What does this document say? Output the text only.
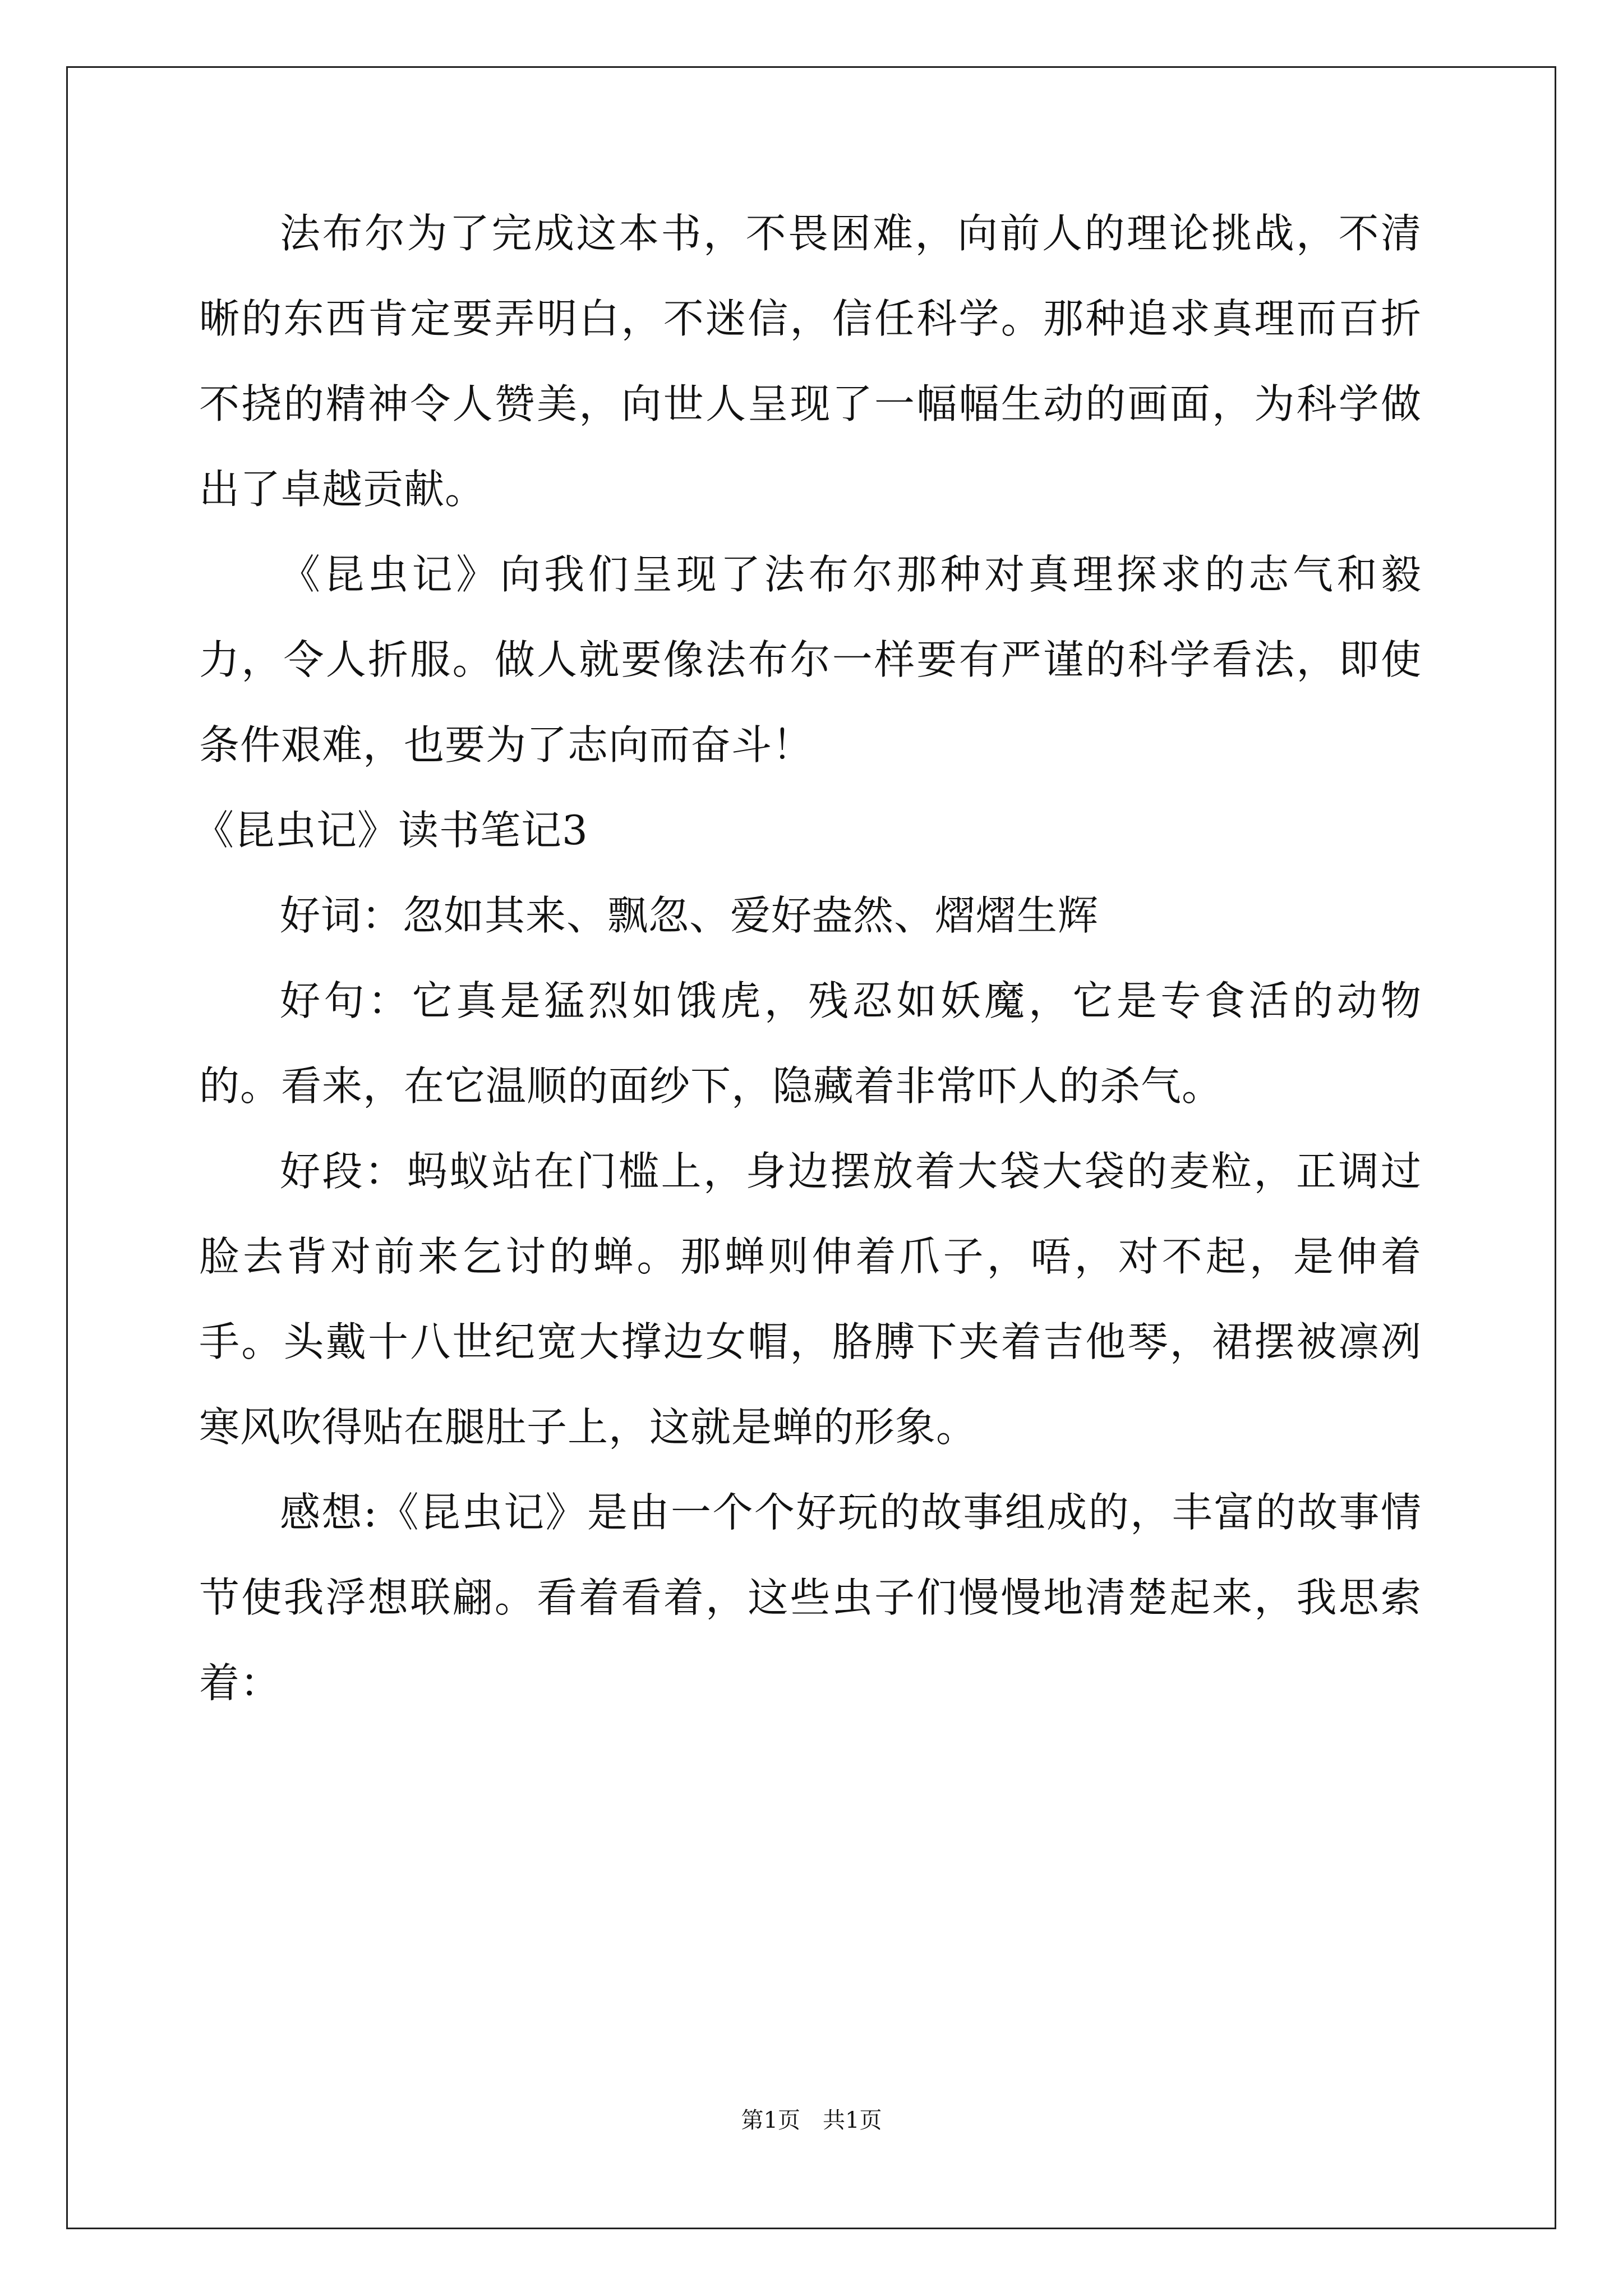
法布尔为了完成这本书，不畏困难，向前人的理论挑战，不清晰的东西肯定要弄明白，不迷信，信任科学。那种追求真理而百折不挠的精神令人赞美，向世人呈现了一幅幅生动的画面，为科学做出了卓越贡献。

《昆虫记》向我们呈现了法布尔那种对真理探求的志气和毅力，令人折服。做人就要像法布尔一样要有严谨的科学看法，即使条件艰难，也要为了志向而奋斗！

《昆虫记》读书笔记3

好词：忽如其来、飘忽、爱好盎然、熠熠生辉

好句：它真是猛烈如饿虎，残忍如妖魔，它是专食活的动物的。看来，在它温顺的面纱下，隐藏着非常吓人的杀气。

好段：蚂蚁站在门槛上，身边摆放着大袋大袋的麦粒，正调过脸去背对前来乞讨的蝉。那蝉则伸着爪子，唔，对不起，是伸着手。头戴十八世纪宽大撑边女帽，胳膊下夹着吉他琴，裙摆被凛冽寒风吹得贴在腿肚子上，这就是蝉的形象。

感想:《昆虫记》是由一个个好玩的故事组成的，丰富的故事情节使我浮想联翩。看着看着，这些虫子们慢慢地清楚起来，我思索着：

第1页　共1页
